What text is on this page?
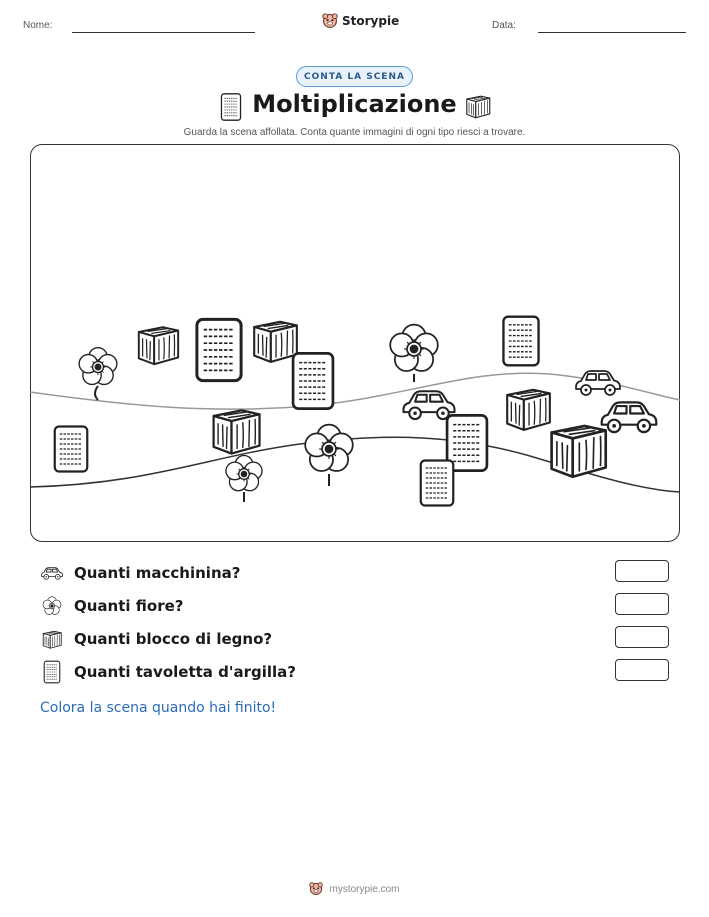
Nome:	Storypie	Data:
CONTA LA SCENA
Moltiplicazione
Guarda la scena affollata. Conta quante immagini di ogni tipo riesci a trovare.
Quanti macchinina?
Quanti fiore?
Quanti blocco di legno?
Quanti tavoletta d'argilla?
Colora la scena quando hai finito!
mystorypie.com
